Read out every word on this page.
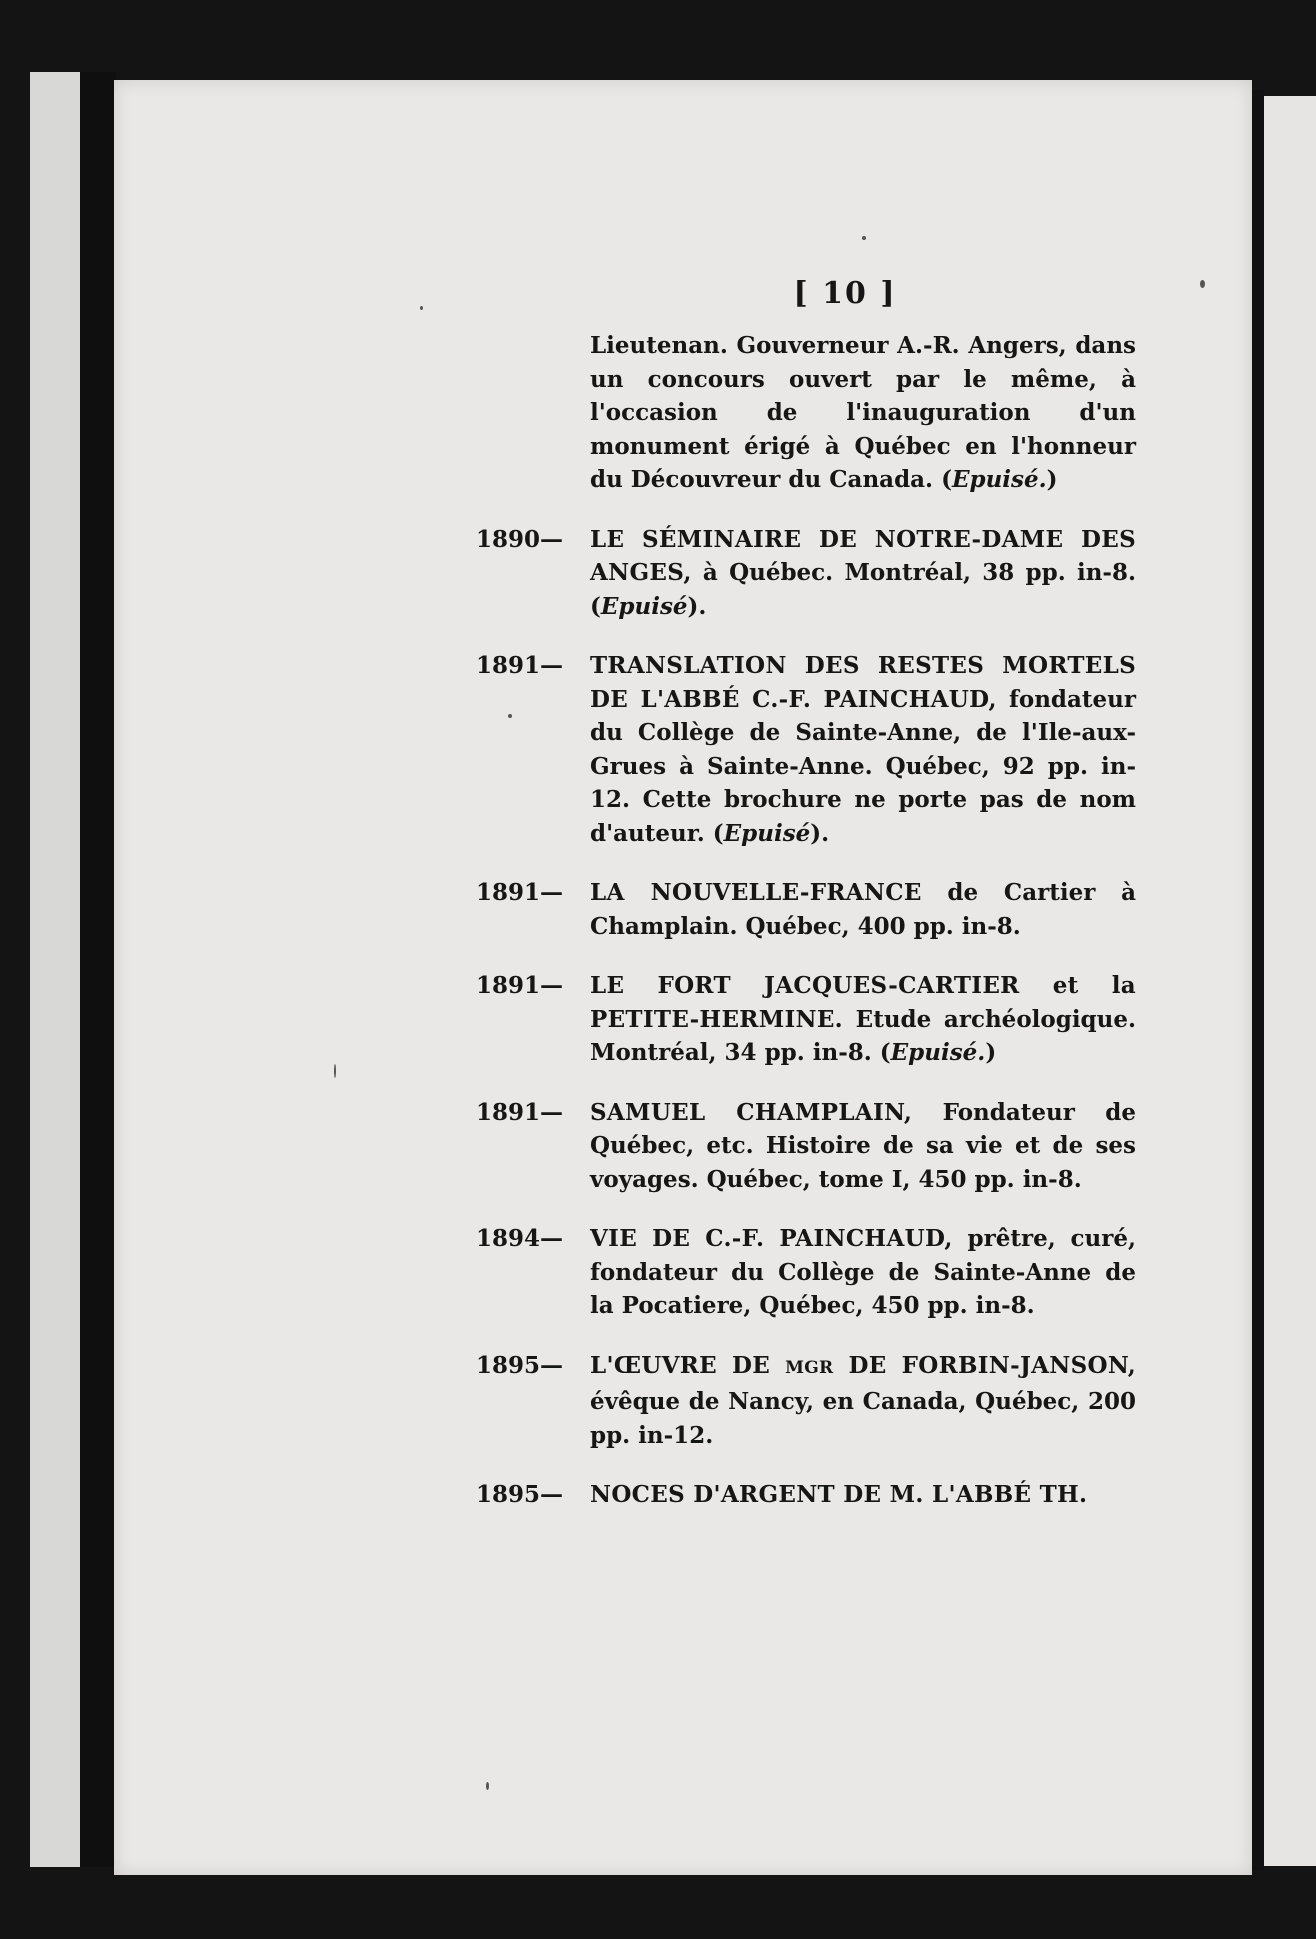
[ 10 ]

Lieutenan. Gouverneur A.-R. Angers, dans un concours ouvert par le même, à l'occasion de l'inauguration d'un monument érigé à Québec en l'honneur du Découvreur du Canada. (Epuisé.)

1890—	LE SÉMINAIRE DE NOTRE-DAME DES ANGES, à Québec. Montréal, 38 pp. in-8. (Epuisé).
1891—	TRANSLATION DES RESTES MORTELS DE L'ABBÉ C.-F. PAINCHAUD, fondateur du Collège de Sainte-Anne, de l'Ile-aux-Grues à Sainte-Anne. Québec, 92 pp. in-12. Cette brochure ne porte pas de nom d'auteur. (Epuisé).
1891—	LA NOUVELLE-FRANCE de Cartier à Champlain. Québec, 400 pp. in-8.
1891—	LE FORT JACQUES-CARTIER et la PETITE-HERMINE. Etude archéologique. Montréal, 34 pp. in-8. (Epuisé.)
1891—	SAMUEL CHAMPLAIN, Fondateur de Québec, etc. Histoire de sa vie et de ses voyages. Québec, tome I, 450 pp. in-8.
1894—	VIE DE C.-F. PAINCHAUD, prêtre, curé, fondateur du Collège de Sainte-Anne de la Pocatiere, Québec, 450 pp. in-8.
1895—	L'ŒUVRE DE MGR DE FORBIN-JANSON, évêque de Nancy, en Canada, Québec, 200 pp. in-12.
1895—	NOCES D'ARGENT DE M. L'ABBÉ TH.
